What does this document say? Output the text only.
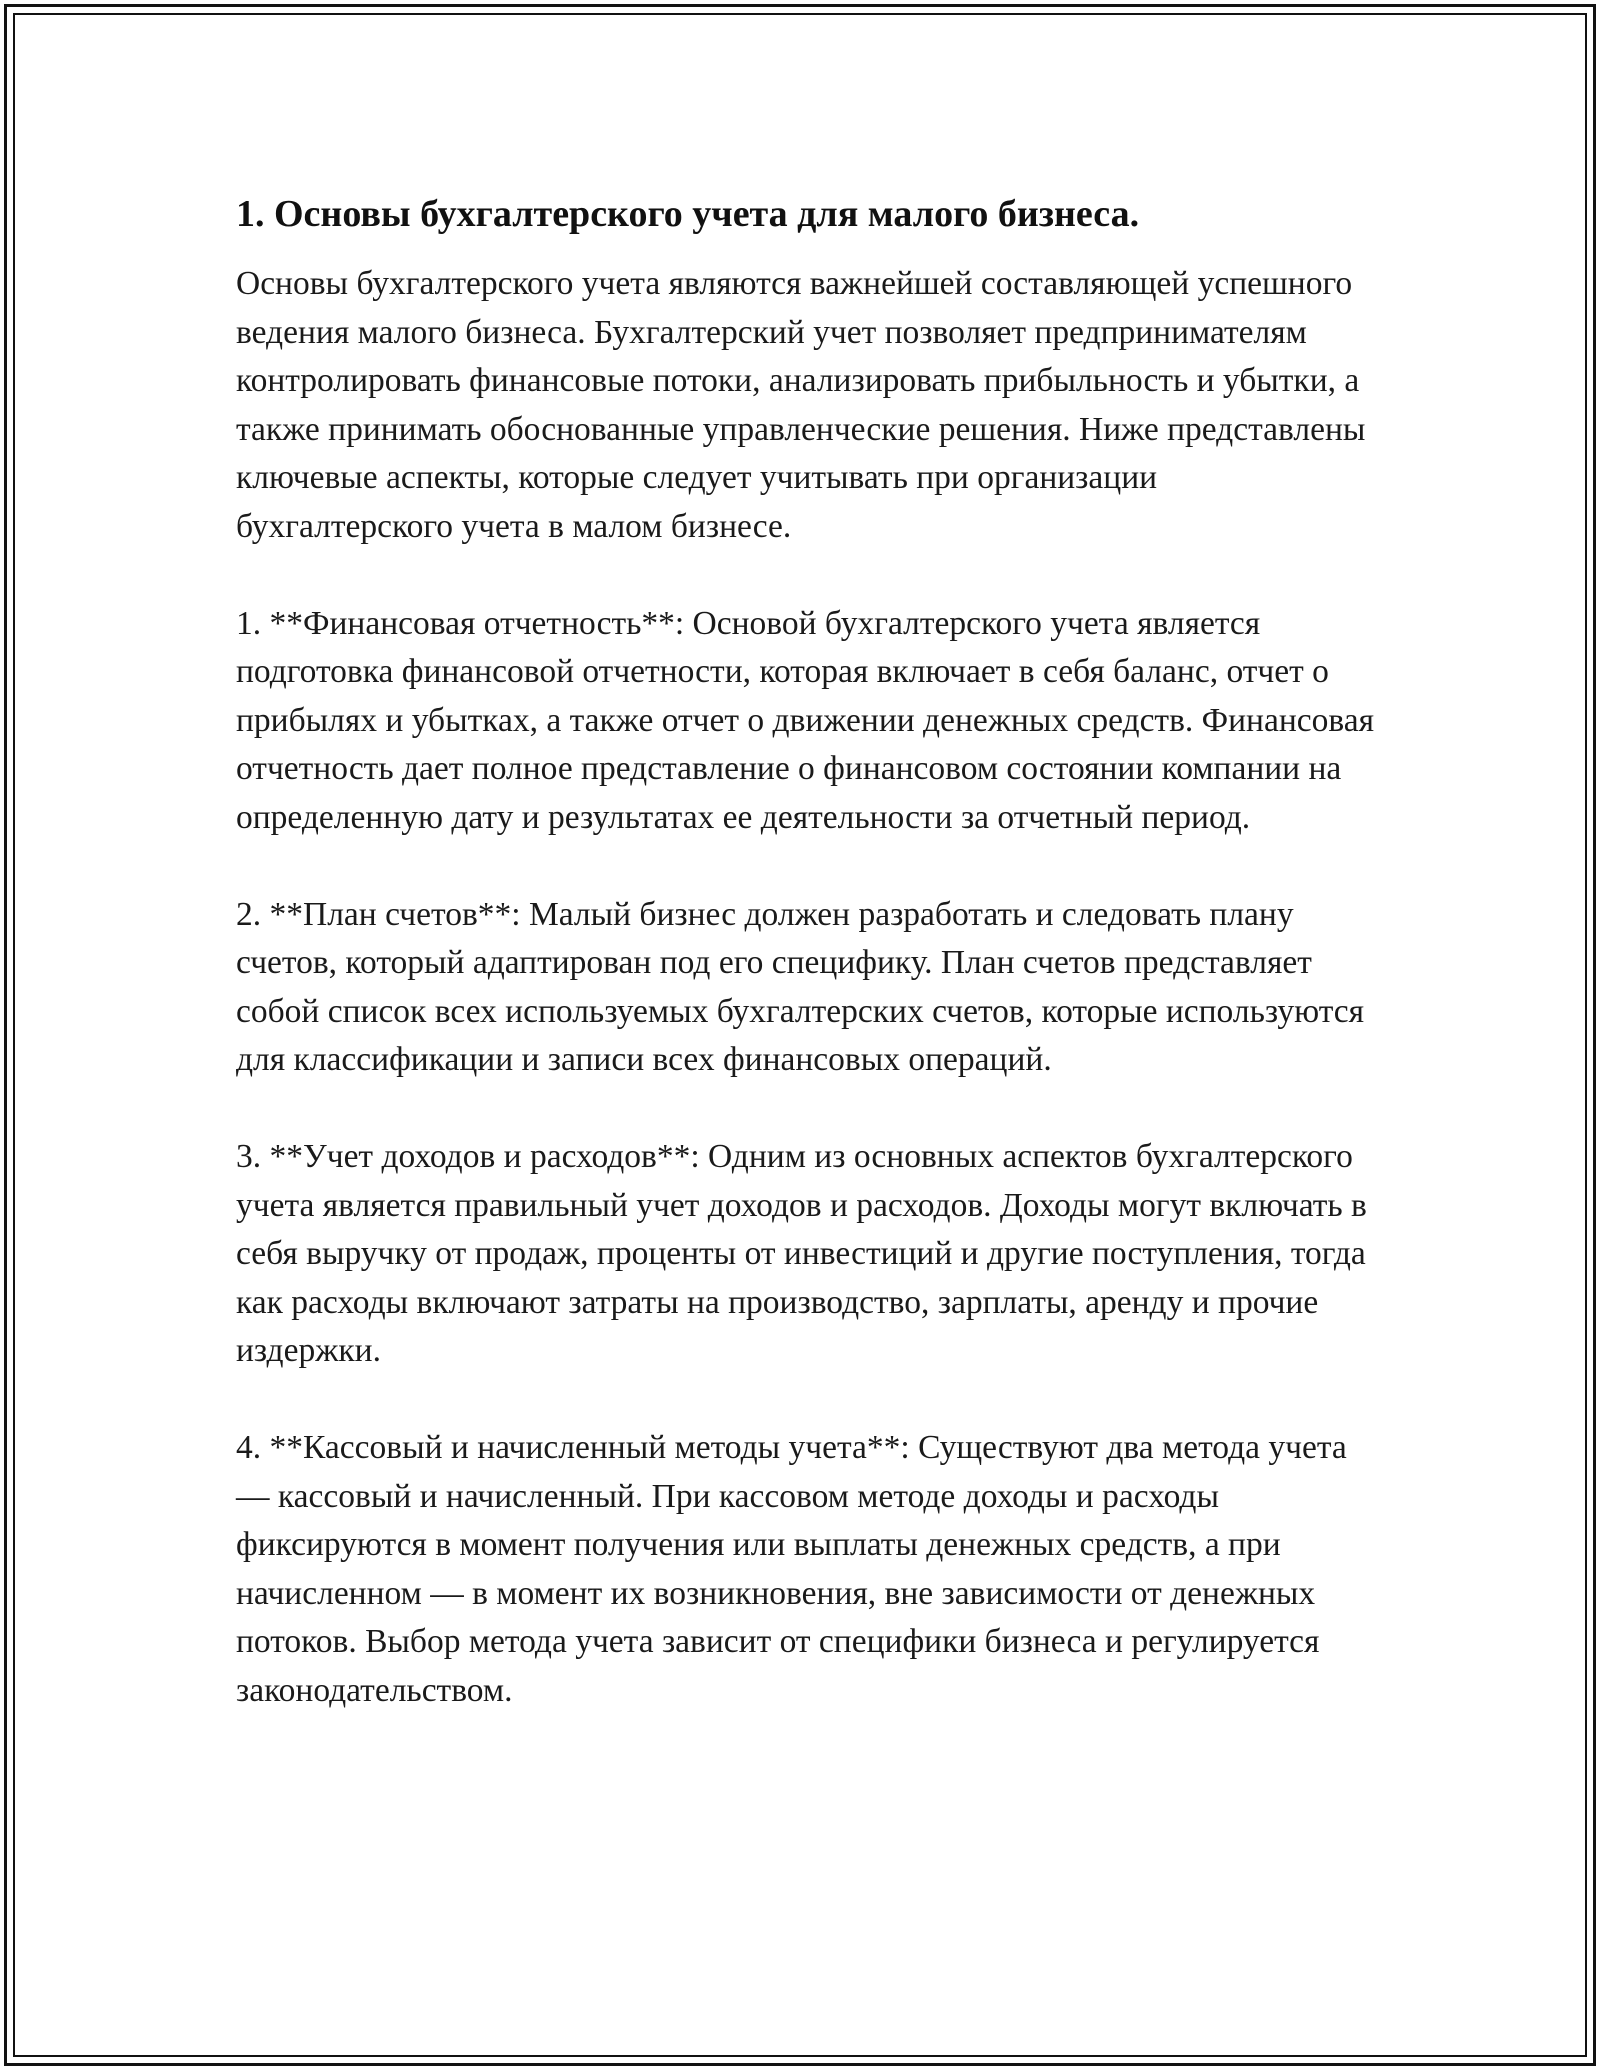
1. Основы бухгалтерского учета для малого бизнеса.

Основы бухгалтерского учета являются важнейшей составляющей успешного ведения малого бизнеса. Бухгалтерский учет позволяет предпринимателям контролировать финансовые потоки, анализировать прибыльность и убытки, а также принимать обоснованные управленческие решения. Ниже представлены ключевые аспекты, которые следует учитывать при организации бухгалтерского учета в малом бизнесе.

1. **Финансовая отчетность**: Основой бухгалтерского учета является подготовка финансовой отчетности, которая включает в себя баланс, отчет о прибылях и убытках, а также отчет о движении денежных средств. Финансовая отчетность дает полное представление о финансовом состоянии компании на определенную дату и результатах ее деятельности за отчетный период.

2. **План счетов**: Малый бизнес должен разработать и следовать плану счетов, который адаптирован под его специфику. План счетов представляет собой список всех используемых бухгалтерских счетов, которые используются для классификации и записи всех финансовых операций.

3. **Учет доходов и расходов**: Одним из основных аспектов бухгалтерского учета является правильный учет доходов и расходов. Доходы могут включать в себя выручку от продаж, проценты от инвестиций и другие поступления, тогда как расходы включают затраты на производство, зарплаты, аренду и прочие издержки.

4. **Кассовый и начисленный методы учета**: Существуют два метода учета — кассовый и начисленный. При кассовом методе доходы и расходы фиксируются в момент получения или выплаты денежных средств, а при начисленном — в момент их возникновения, вне зависимости от денежных потоков. Выбор метода учета зависит от специфики бизнеса и регулируется законодательством.
